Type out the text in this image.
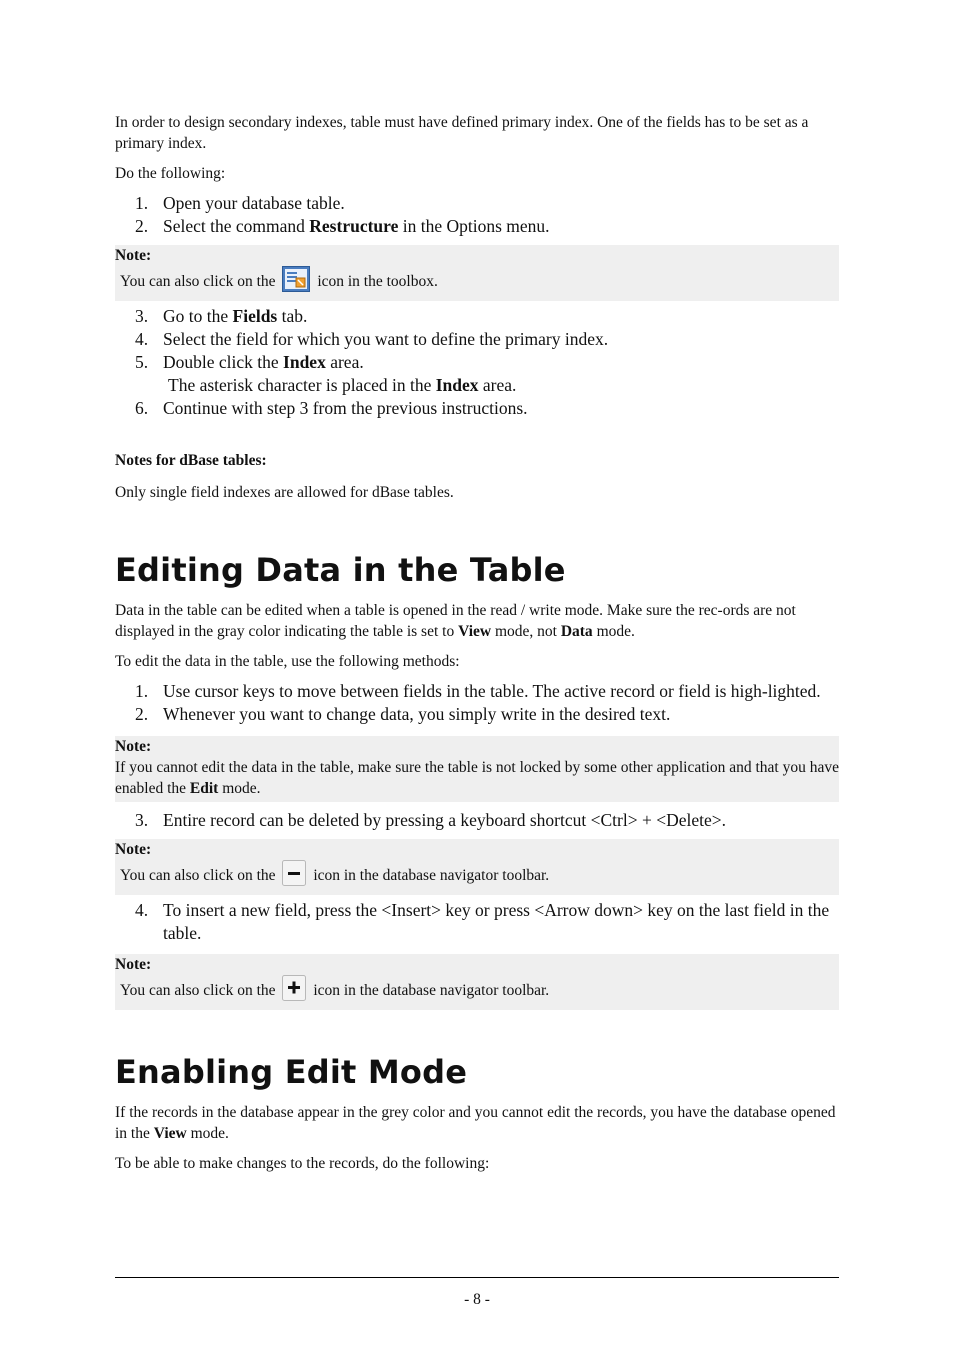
In order to design secondary indexes, table must have defined primary index. One of the fields has to be set as a primary index.

Do the following:

1. Open your database table.
2. Select the command Restructure in the Options menu.
Note:
You can also click on the	icon in the toolbox.
3. Go to the Fields tab.
4. Select the field for which you want to define the primary index.
5. Double click the Index area.
The asterisk character is placed in the Index area.
6. Continue with step 3 from the previous instructions.

Notes for dBase tables:

Only single field indexes are allowed for dBase tables.

Editing Data in the Table

Data in the table can be edited when a table is opened in the read / write mode. Make sure the rec-ords are not displayed in the gray color indicating the table is set to View mode, not Data mode.

To edit the data in the table, use the following methods:

1. Use cursor keys to move between fields in the table. The active record or field is high-lighted.
2. Whenever you want to change data, you simply write in the desired text.
Note:
If you cannot edit the data in the table, make sure the table is not locked by some other application and that you have enabled the Edit mode.
3. Entire record can be deleted by pressing a keyboard shortcut <Ctrl> + <Delete>.
Note:
You can also click on the icon in the database navigator toolbar.
4. To insert a new field, press the <Insert> key or press <Arrow down> key on the last field in the table.
Note:
You can also click on the icon in the database navigator toolbar.
Enabling Edit Mode

If the records in the database appear in the grey color and you cannot edit the records, you have the database opened in the View mode.

To be able to make changes to the records, do the following:

- 8 -
